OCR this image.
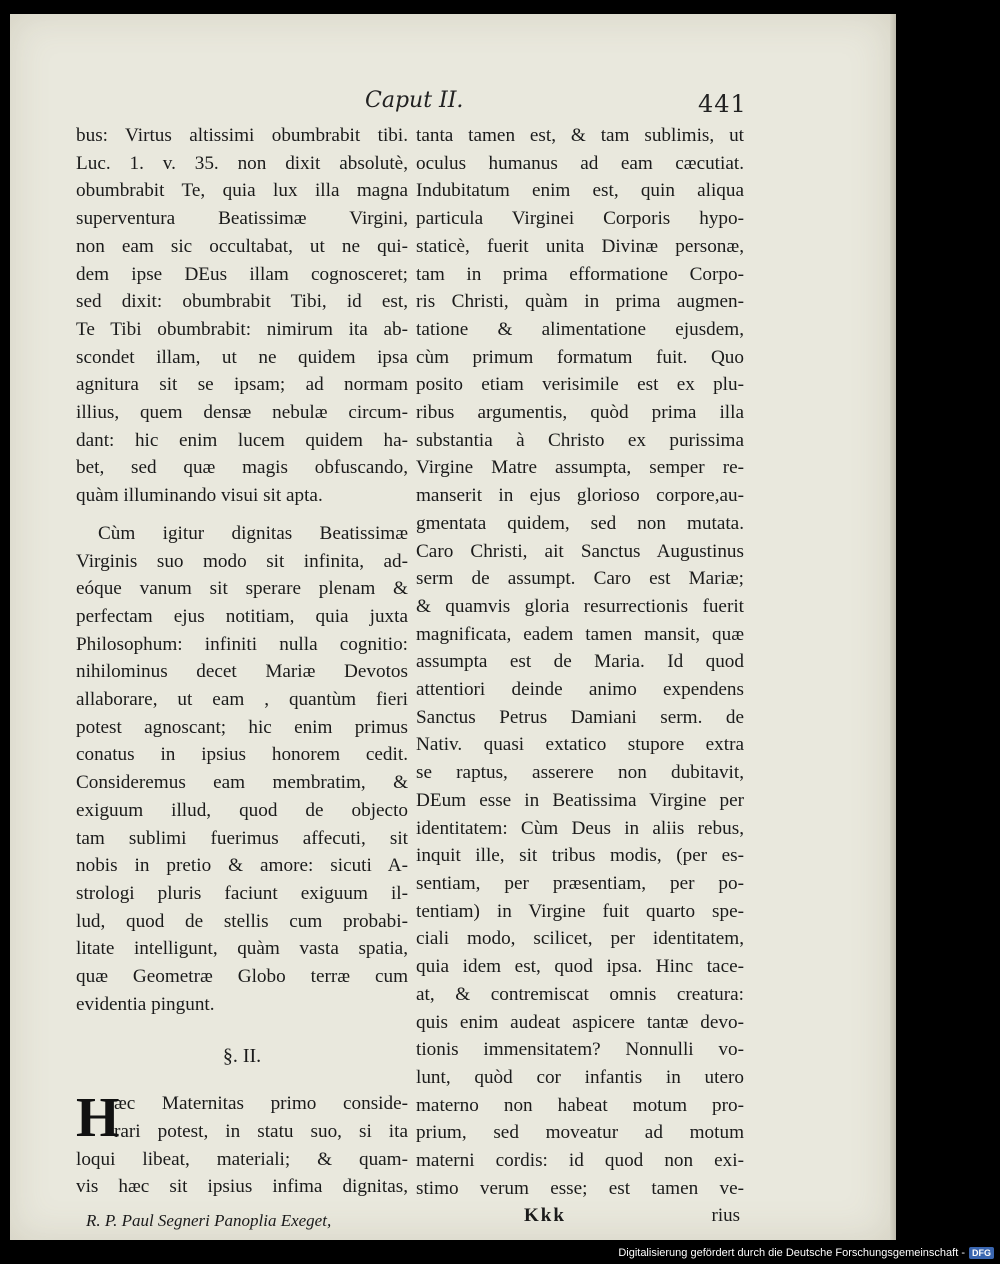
Caput II.	441
bus: Virtus altissimi obumbrabit tibi.
Luc. 1. v. 35. non dixit absolutè,
obumbrabit Te, quia lux illa magna
superventura Beatissimæ Virgini,
non eam sic occultabat, ut ne qui-
dem ipse DEus illam cognosceret;
sed dixit: obumbrabit Tibi, id est,
Te Tibi obumbrabit: nimirum ita ab-
scondet illam, ut ne quidem ipsa
agnitura sit se ipsam; ad normam
illius, quem densæ nebulæ circum-
dant: hic enim lucem quidem ha-
bet, sed quæ magis obfuscando,
quàm illuminando visui sit apta.
Cùm igitur dignitas Beatissimæ
Virginis suo modo sit infinita, ad-
eóque vanum sit sperare plenam &
perfectam ejus notitiam, quia juxta
Philosophum: infiniti nulla cognitio:
nihilominus decet Mariæ Devotos
allaborare, ut eam , quantùm fieri
potest agnoscant; hic enim primus
conatus in ipsius honorem cedit.
Consideremus eam membratim, &
exiguum illud, quod de objecto
tam sublimi fuerimus affecuti, sit
nobis in pretio & amore: sicuti A-
strologi pluris faciunt exiguum il-
lud, quod de stellis cum probabi-
litate intelligunt, quàm vasta spatia,
quæ Geometræ Globo terræ cum
evidentia pingunt.
§. II.
H
æc Maternitas primo conside-
rari potest, in statu suo, si ita
loqui libeat, materiali; & quam-
vis hæc sit ipsius infima dignitas,
R. P. Paul Segneri Panoplia Exeget,
tanta tamen est, & tam sublimis, ut
oculus humanus ad eam cæcutiat.
Indubitatum enim est, quin aliqua
particula Virginei Corporis hypo-
staticè, fuerit unita Divinæ personæ,
tam in prima efformatione Corpo-
ris Christi, quàm in prima augmen-
tatione & alimentatione ejusdem,
cùm primum formatum fuit. Quo
posito etiam verisimile est ex plu-
ribus argumentis, quòd prima illa
substantia à Christo ex purissima
Virgine Matre assumpta, semper re-
manserit in ejus glorioso corpore,au-
gmentata quidem, sed non mutata.
Caro Christi, ait Sanctus Augustinus
serm de assumpt. Caro est Mariæ;
& quamvis gloria resurrectionis fuerit
magnificata, eadem tamen mansit, quæ
assumpta est de Maria. Id quod
attentiori deinde animo expendens
Sanctus Petrus Damiani serm. de
Nativ. quasi extatico stupore extra
se raptus, asserere non dubitavit,
DEum esse in Beatissima Virgine per
identitatem: Cùm Deus in aliis rebus,
inquit ille, sit tribus modis, (per es-
sentiam, per præsentiam, per po-
tentiam) in Virgine fuit quarto spe-
ciali modo, scilicet, per identitatem,
quia idem est, quod ipsa. Hinc tace-
at, & contremiscat omnis creatura:
quis enim audeat aspicere tantæ devo-
tionis immensitatem? Nonnulli vo-
lunt, quòd cor infantis in utero
materno non habeat motum pro-
prium, sed moveatur ad motum
materni cordis: id quod non exi-
stimo verum esse; est tamen ve-
Kkk	rius
Digitalisierung gefördert durch die Deutsche Forschungsgemeinschaft - DFG
